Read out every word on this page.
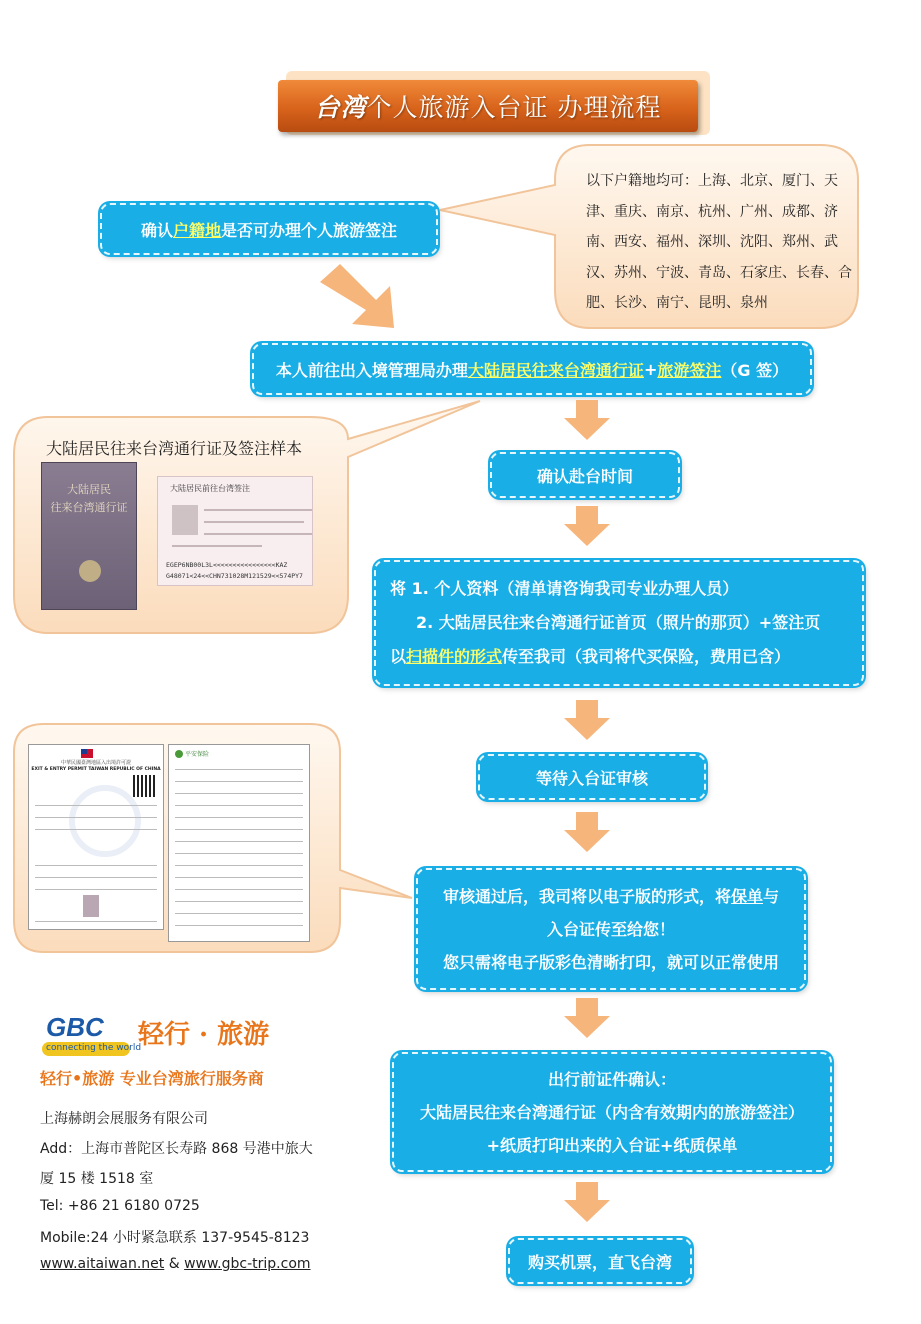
台湾 个人旅游入台证 办理流程
以下户籍地均可：上海、北京、厦门、天津、重庆、南京、杭州、广州、成都、济南、西安、福州、深圳、沈阳、郑州、武汉、苏州、宁波、青岛、石家庄、长春、合肥、长沙、南宁、昆明、泉州
确认 户籍地 是否可办理个人旅游签注
本人前往出入境管理局办理 大陆居民往来台湾通行证 + 旅游签注 （G 签）
大陆居民往来台湾通行证及签注样本
大陆居民
往来台湾通行证
大陆居民前往台湾签注
EGEP6NB00L3L<<<<<<<<<<<<<<<<KAZ
G48071<24<<CHN731028M121529<<574PY7
确认赴台时间
将 1. 个人资料（清单请咨询我司专业办理人员）
2. 大陆居民往来台湾通行证首页（照片的那页）+签注页
以扫描件的形式传至我司（我司将代买保险，费用已含）
等待入台证审核
中華民國臺灣地區入出境許可證
EXIT & ENTRY PERMIT TAIWAN REPUBLIC OF CHINA
平安保险
审核通过后，我司将以电子版的形式，将保单与
入台证传至给您！
您只需将电子版彩色清晰打印，就可以正常使用
出行前证件确认：
大陆居民往来台湾通行证（内含有效期内的旅游签注）
+纸质打印出来的入台证+纸质保单
购买机票，直飞台湾
GBC
connecting the world
轻行 · 旅游
轻行•旅游 专业台湾旅行服务商
上海赫朗会展服务有限公司
Add：上海市普陀区长寿路 868 号港中旅大
厦 15 楼 1518 室
Tel: +86 21 6180 0725
Mobile:24 小时紧急联系 137-9545-8123
www.aitaiwan.net & www.gbc-trip.com
